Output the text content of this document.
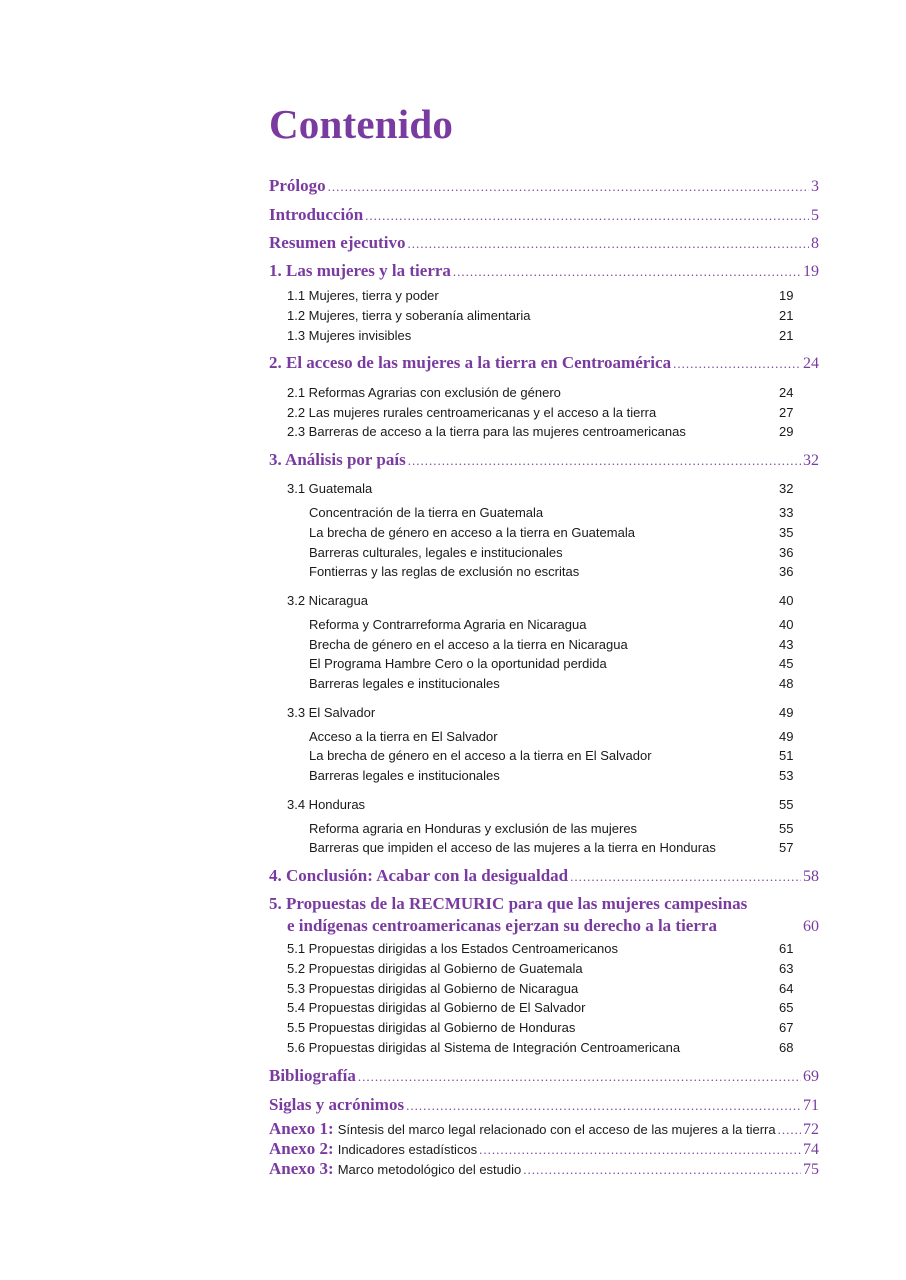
Contenido
Prólogo .....	3
Introducción .....	5
Resumen ejecutivo .....	8
1. Las mujeres y la tierra .....	19
1.1 Mujeres, tierra y poder	19
1.2 Mujeres, tierra y soberanía alimentaria	21
1.3 Mujeres invisibles	21
2. El acceso de las mujeres a la tierra en Centroamérica .....	24
2.1 Reformas Agrarias con exclusión de género	24
2.2 Las mujeres rurales centroamericanas y el acceso a la tierra	27
2.3 Barreras de acceso a la tierra para las mujeres centroamericanas	29
3. Análisis por país .....	32
3.1 Guatemala	32
Concentración de la tierra en Guatemala	33
La brecha de género en acceso a la tierra en Guatemala	35
Barreras culturales, legales e institucionales	36
Fontierras y las reglas de exclusión no escritas	36
3.2 Nicaragua	40
Reforma y Contrarreforma Agraria en Nicaragua	40
Brecha de género en el acceso a la tierra en Nicaragua	43
El Programa Hambre Cero o la oportunidad perdida	45
Barreras legales e institucionales	48
3.3 El Salvador	49
Acceso a la tierra en El Salvador	49
La brecha de género en el acceso a la tierra en El Salvador	51
Barreras legales e institucionales	53
3.4 Honduras	55
Reforma agraria en Honduras y exclusión de las mujeres	55
Barreras que impiden el acceso de las mujeres a la tierra en Honduras	57
4. Conclusión: Acabar con la desigualdad .....	58
5. Propuestas de la RECMURIC para que las mujeres campesinas
e indígenas centroamericanas ejerzan su derecho a la tierra	60
5.1 Propuestas dirigidas a los Estados Centroamericanos	61
5.2 Propuestas dirigidas al Gobierno de Guatemala	63
5.3 Propuestas dirigidas al Gobierno de Nicaragua	64
5.4 Propuestas dirigidas al Gobierno de El Salvador	65
5.5 Propuestas dirigidas al Gobierno de Honduras	67
5.6 Propuestas dirigidas al Sistema de Integración Centroamericana	68
Bibliografía .....	69
Siglas y acrónimos .....	71
Anexo 1: Síntesis del marco legal relacionado con el acceso de las mujeres a la tierra ..... 72
Anexo 2: Indicadores estadísticos .....	74
Anexo 3: Marco metodológico del estudio .....	75
